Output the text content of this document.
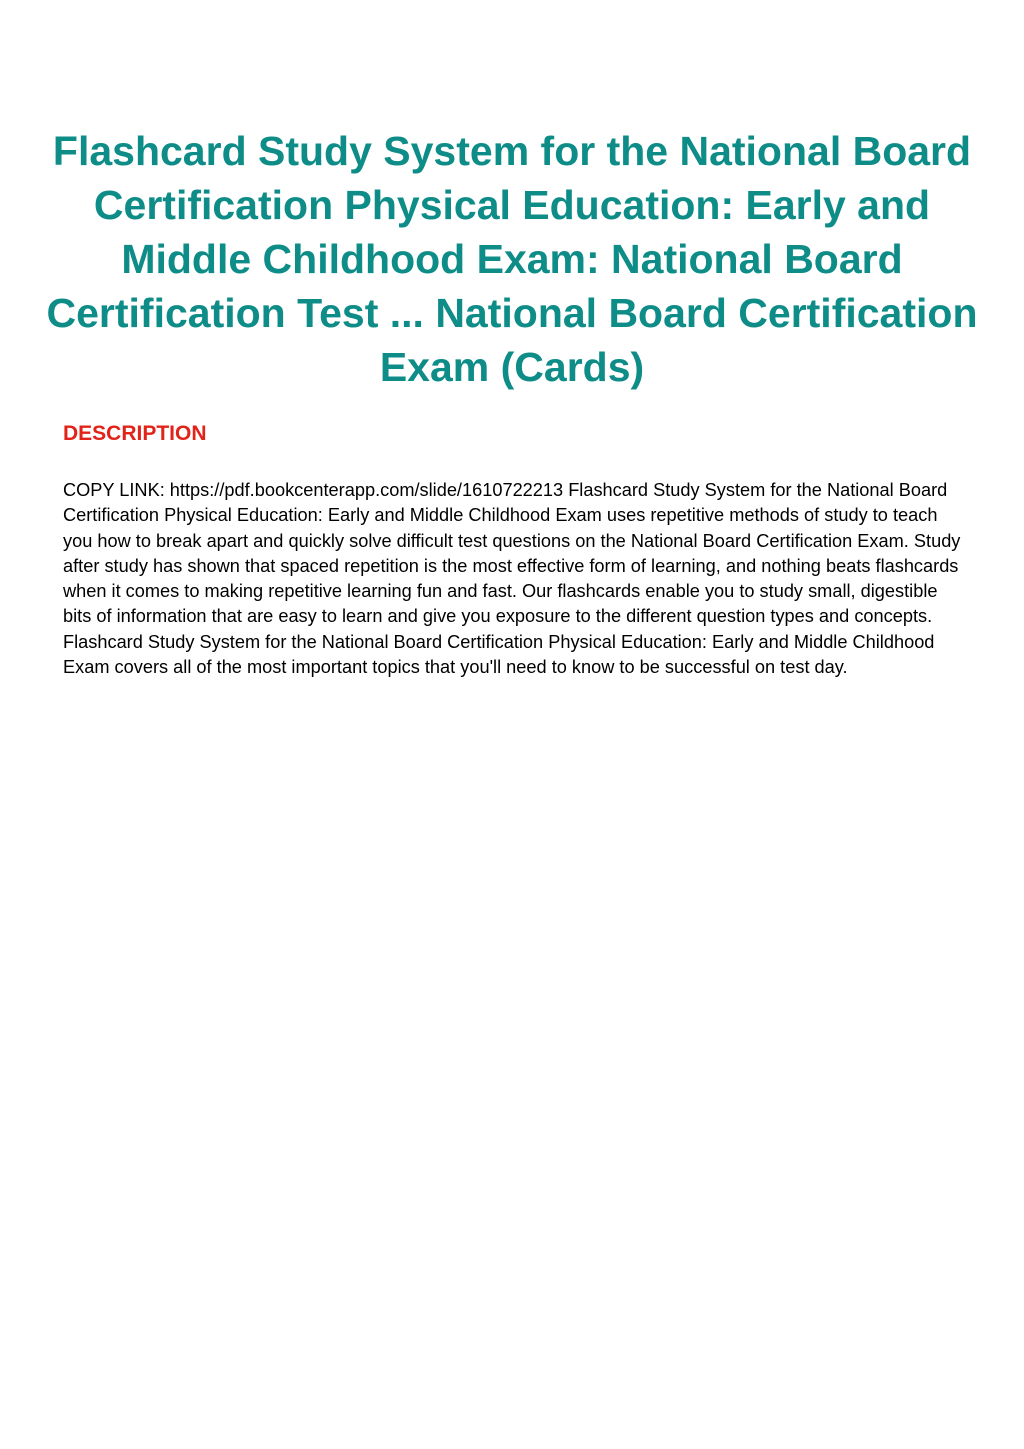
Flashcard Study System for the National Board Certification Physical Education: Early and Middle Childhood Exam: National Board Certification Test ... National Board Certification Exam (Cards)
DESCRIPTION

COPY LINK: https://pdf.bookcenterapp.com/slide/1610722213 Flashcard Study System for the National Board Certification Physical Education: Early and Middle Childhood Exam uses repetitive methods of study to teach you how to break apart and quickly solve difficult test questions on the National Board Certification Exam. Study after study has shown that spaced repetition is the most effective form of learning, and nothing beats flashcards when it comes to making repetitive learning fun and fast. Our flashcards enable you to study small, digestible bits of information that are easy to learn and give you exposure to the different question types and concepts. Flashcard Study System for the National Board Certification Physical Education: Early and Middle Childhood Exam covers all of the most important topics that you'll need to know to be successful on test day.
